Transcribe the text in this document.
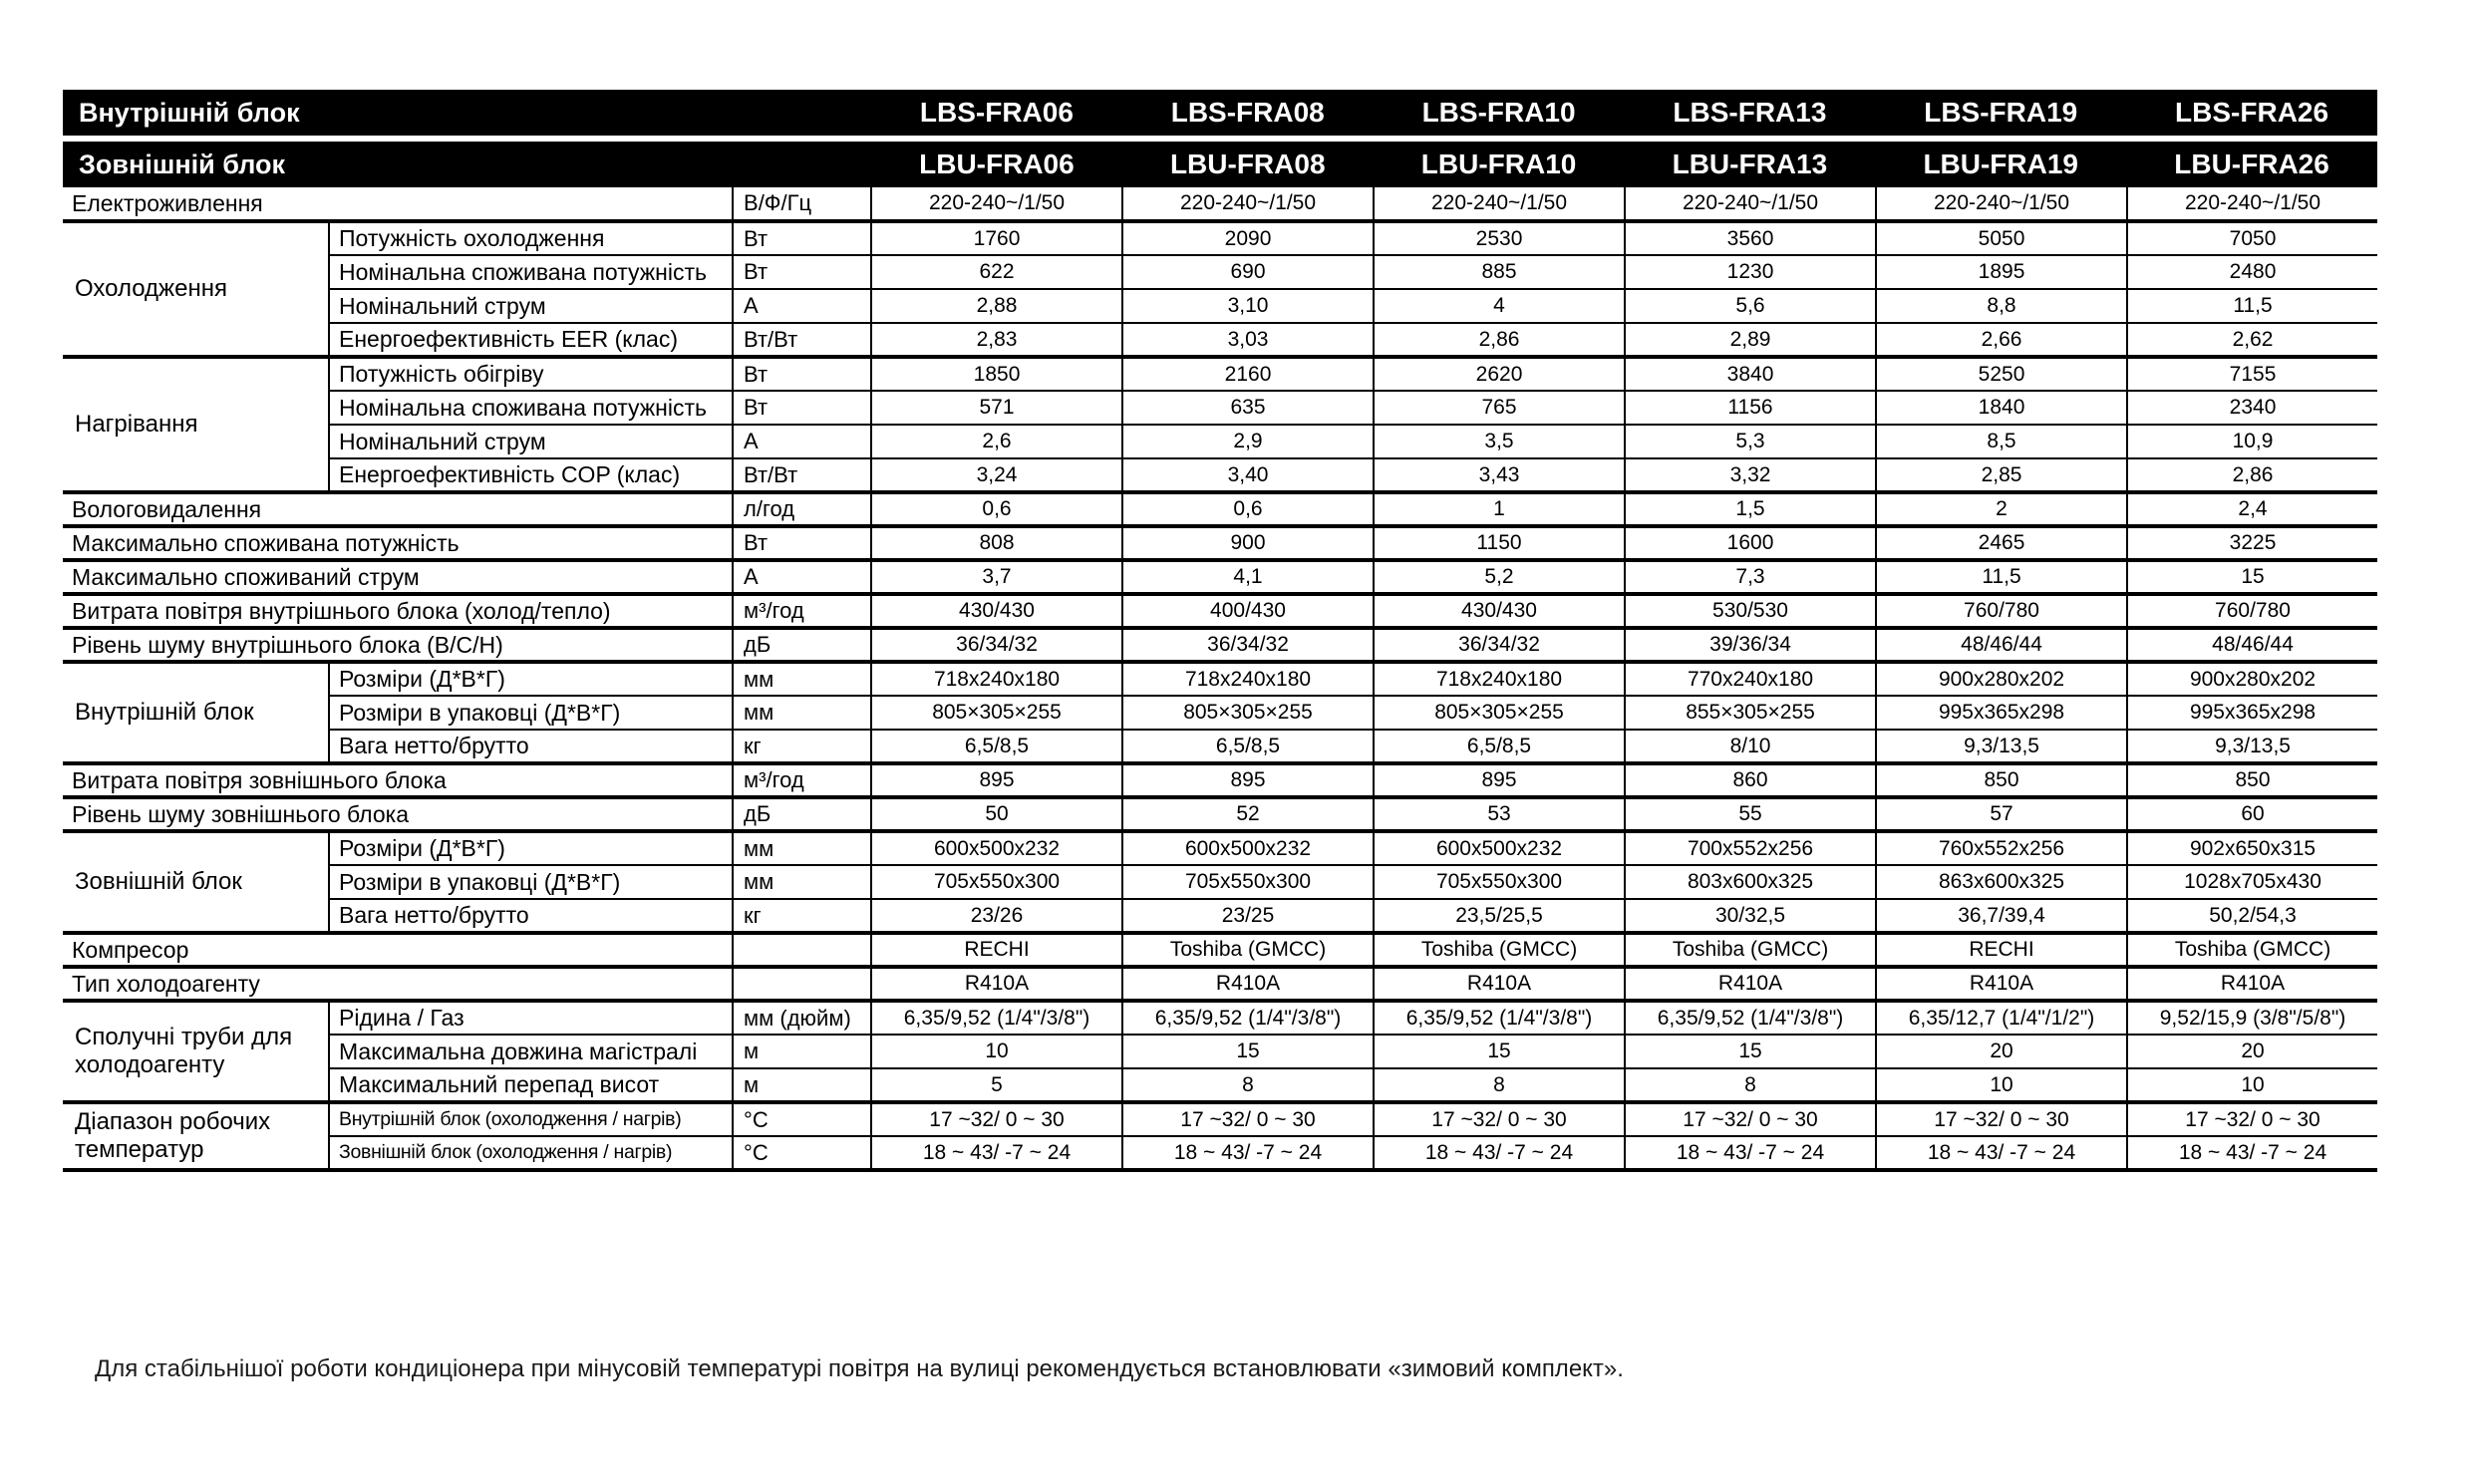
Внутрішній блок	LBS-FRA06	LBS-FRA08	LBS-FRA10	LBS-FRA13	LBS-FRA19	LBS-FRA26
Зовнішній блок	LBU-FRA06	LBU-FRA08	LBU-FRA10	LBU-FRA13	LBU-FRA19	LBU-FRA26
Електроживлення		В/Ф/Гц	220-240~/1/50	220-240~/1/50	220-240~/1/50	220-240~/1/50	220-240~/1/50	220-240~/1/50
Охолодження	Потужність охолодження	Вт	1760	2090	2530	3560	5050	7050
	Номінальна споживана потужність	Вт	622	690	885	1230	1895	2480
	Номінальний струм	А	2,88	3,10	4	5,6	8,8	11,5
	Енергоефективність EER (клас)	Вт/Вт	2,83	3,03	2,86	2,89	2,66	2,62
Нагрівання	Потужність обігріву	Вт	1850	2160	2620	3840	5250	7155
	Номінальна споживана потужність	Вт	571	635	765	1156	1840	2340
	Номінальний струм	А	2,6	2,9	3,5	5,3	8,5	10,9
	Енергоефективність COP (клас)	Вт/Вт	3,24	3,40	3,43	3,32	2,85	2,86
Вологовидалення		л/год	0,6	0,6	1	1,5	2	2,4
Максимально споживана потужність		Вт	808	900	1150	1600	2465	3225
Максимально споживаний струм		А	3,7	4,1	5,2	7,3	11,5	15
Витрата повітря внутрішнього блока (холод/тепло)		м³/год	430/430	400/430	430/430	530/530	760/780	760/780
Рівень шуму внутрішнього блока (В/С/Н)		дБ	36/34/32	36/34/32	36/34/32	39/36/34	48/46/44	48/46/44
Внутрішній блок	Розміри (Д*В*Г)	мм	718x240x180	718x240x180	718x240x180	770x240x180	900x280x202	900x280x202
	Розміри в упаковці (Д*В*Г)	мм	805×305×255	805×305×255	805×305×255	855×305×255	995x365x298	995x365x298
	Вага нетто/брутто	кг	6,5/8,5	6,5/8,5	6,5/8,5	8/10	9,3/13,5	9,3/13,5
Витрата повітря зовнішнього блока		м³/год	895	895	895	860	850	850
Рівень шуму зовнішнього блока		дБ	50	52	53	55	57	60
Зовнішній блок	Розміри (Д*В*Г)	мм	600x500x232	600x500x232	600x500x232	700x552x256	760x552x256	902x650x315
	Розміри в упаковці (Д*В*Г)	мм	705x550x300	705x550x300	705x550x300	803x600x325	863x600x325	1028x705x430
	Вага нетто/брутто	кг	23/26	23/25	23,5/25,5	30/32,5	36,7/39,4	50,2/54,3
Компресор			RECHI	Toshiba (GMCC)	Toshiba (GMCC)	Toshiba (GMCC)	RECHI	Toshiba (GMCC)
Тип холодоагенту			R410A	R410A	R410A	R410A	R410A	R410A
Сполучні труби для холодоагенту	Рідина / Газ	мм (дюйм)	6,35/9,52 (1/4"/3/8")	6,35/9,52 (1/4"/3/8")	6,35/9,52 (1/4"/3/8")	6,35/9,52 (1/4"/3/8")	6,35/12,7 (1/4"/1/2")	9,52/15,9 (3/8"/5/8")
	Максимальна довжина магістралі	м	10	15	15	15	20	20
	Максимальний перепад висот	м	5	8	8	8	10	10
Діапазон робочих температур	Внутрішній блок (охолодження / нагрів)	°С	17 ~32/ 0 ~ 30	17 ~32/ 0 ~ 30	17 ~32/ 0 ~ 30	17 ~32/ 0 ~ 30	17 ~32/ 0 ~ 30	17 ~32/ 0 ~ 30
	Зовнішній блок (охолодження / нагрів)	°С	18 ~ 43/ -7 ~ 24	18 ~ 43/ -7 ~ 24	18 ~ 43/ -7 ~ 24	18 ~ 43/ -7 ~ 24	18 ~ 43/ -7 ~ 24	18 ~ 43/ -7 ~ 24
Для стабільнішої роботи кондиціонера при мінусовій температурі повітря на вулиці рекомендується встановлювати «зимовий комплект».
